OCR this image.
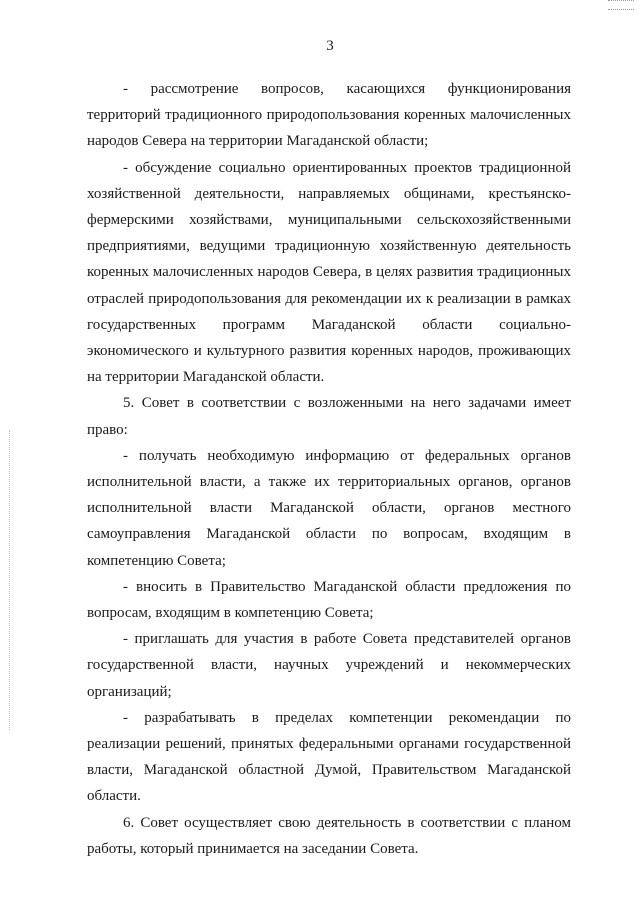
3

- рассмотрение вопросов, касающихся функционирования территорий традиционного природопользования коренных малочисленных народов Севера на территории Магаданской области;

- обсуждение социально ориентированных проектов традиционной хозяйственной деятельности, направляемых общинами, крестьянско-фермерскими хозяйствами, муниципальными сельскохозяйственными предприятиями, ведущими традиционную хозяйственную деятельность коренных малочисленных народов Севера, в целях развития традиционных отраслей природопользования для рекомендации их к реализации в рамках государственных программ Магаданской области социально-экономического и культурного развития коренных народов, проживающих на территории Магаданской области.

5. Совет в соответствии с возложенными на него задачами имеет право:

- получать необходимую информацию от федеральных органов исполнительной власти, а также их территориальных органов, органов исполнительной власти Магаданской области, органов местного самоуправления Магаданской области по вопросам, входящим в компетенцию Совета;

- вносить в Правительство Магаданской области предложения по вопросам, входящим в компетенцию Совета;

- приглашать для участия в работе Совета представителей органов государственной власти, научных учреждений и некоммерческих организаций;

- разрабатывать в пределах компетенции рекомендации по реализации решений, принятых федеральными органами государственной власти, Магаданской областной Думой, Правительством Магаданской области.

6. Совет осуществляет свою деятельность в соответствии с планом работы, который принимается на заседании Совета.
